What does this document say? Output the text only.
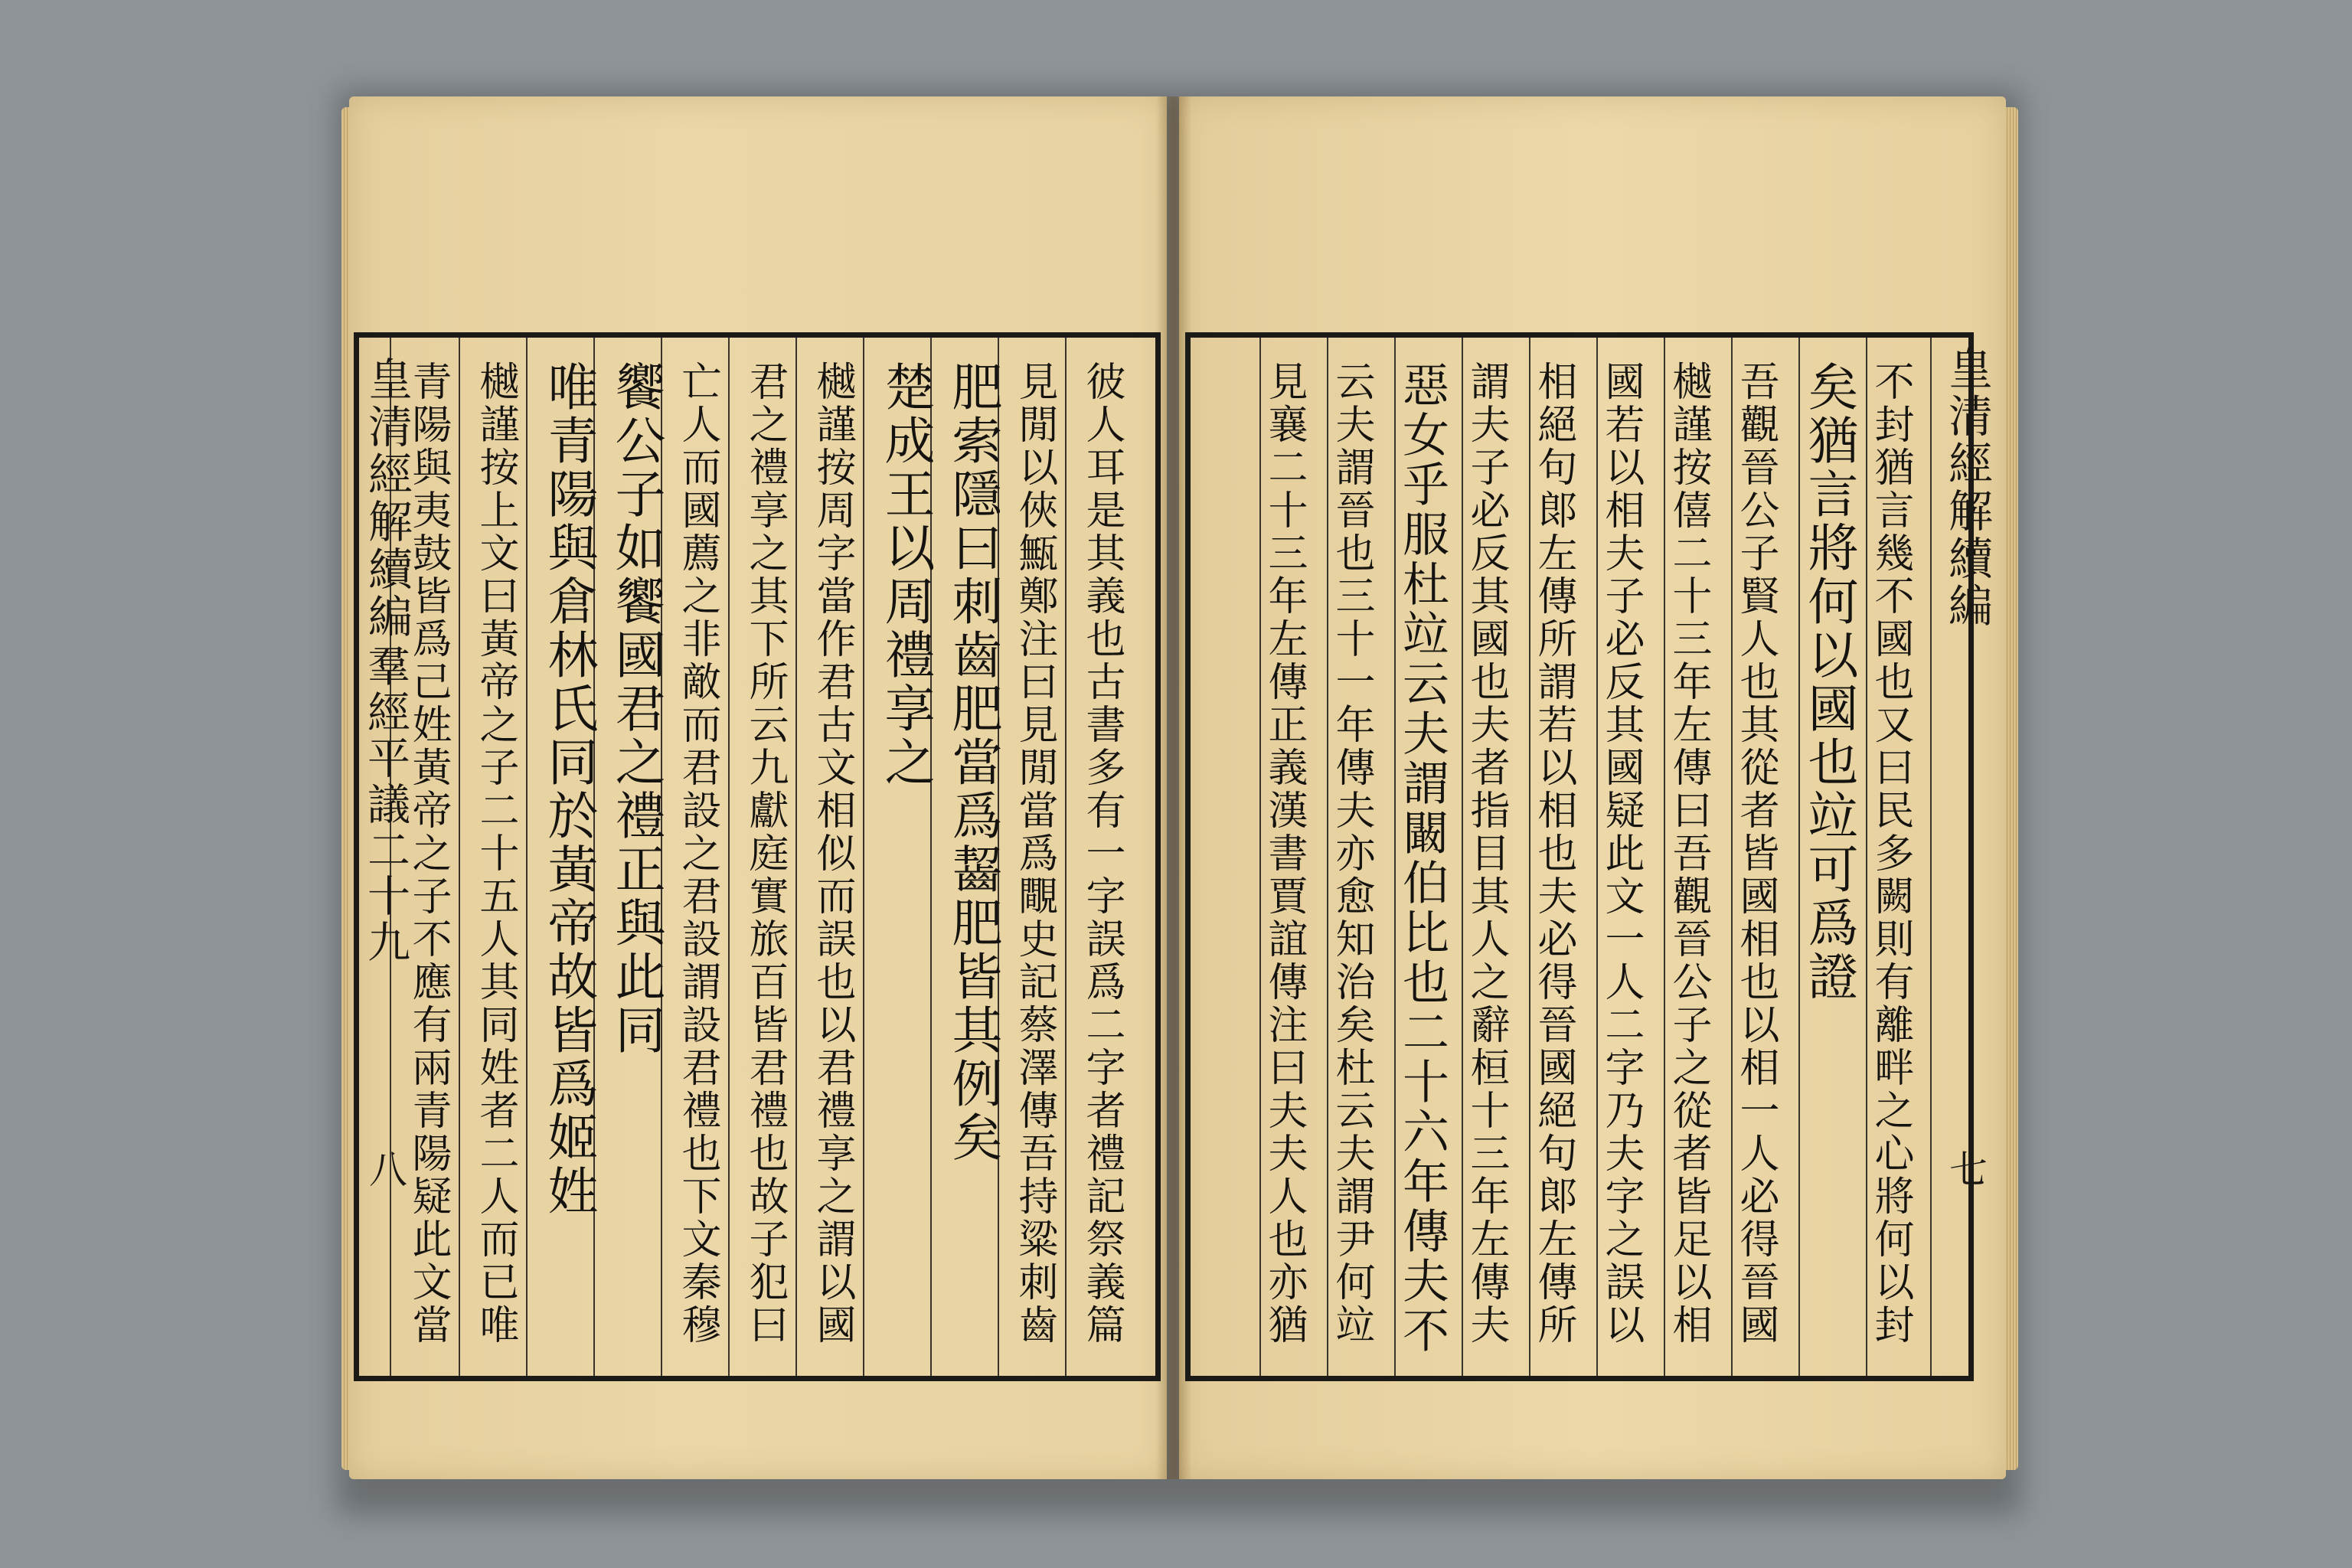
皇清經解續編
羣經平議二十九
八	彼人耳是其義也古書多有一字誤爲二字者禮記祭義篇
見閒以俠甒鄭注曰見閒當爲覸史記蔡澤傳吾持粱刺齒
肥索隱曰刺齒肥當爲齧肥皆其例矣
楚成王以周禮享之
樾謹按周字當作君古文相似而誤也以君禮享之謂以國
君之禮享之其下所云九獻庭實旅百皆君禮也故子犯曰
亡人而國薦之非敵而君設之君設謂設君禮也下文秦穆
饗公子如饗國君之禮正與此同
唯青陽與倉林氏同於黃帝故皆爲姬姓
樾謹按上文曰黃帝之子二十五人其同姓者二人而已唯
青陽與夷鼓皆爲己姓黃帝之子不應有兩青陽疑此文當	不封猶言幾不國也又曰民多闕則有離畔之心將何以封
矣猶言將何以國也竝可爲證
吾觀晉公子賢人也其從者皆國相也以相一人必得晉國
樾謹按僖二十三年左傳曰吾觀晉公子之從者皆足以相
國若以相夫子必反其國疑此文一人二字乃夫字之誤以
相絕句郞左傳所謂若以相也夫必得晉國絕句郞左傳所
謂夫子必反其國也夫者指目其人之辭桓十三年左傳夫
惡女乎服杜竝云夫謂闞伯比也二十六年傳夫不
云夫謂晉也三十一年傳夫亦愈知治矣杜云夫謂尹何竝
見襄二十三年左傳正義漢書賈誼傳注曰夫夫人也亦猶	皇清經解續編
七
